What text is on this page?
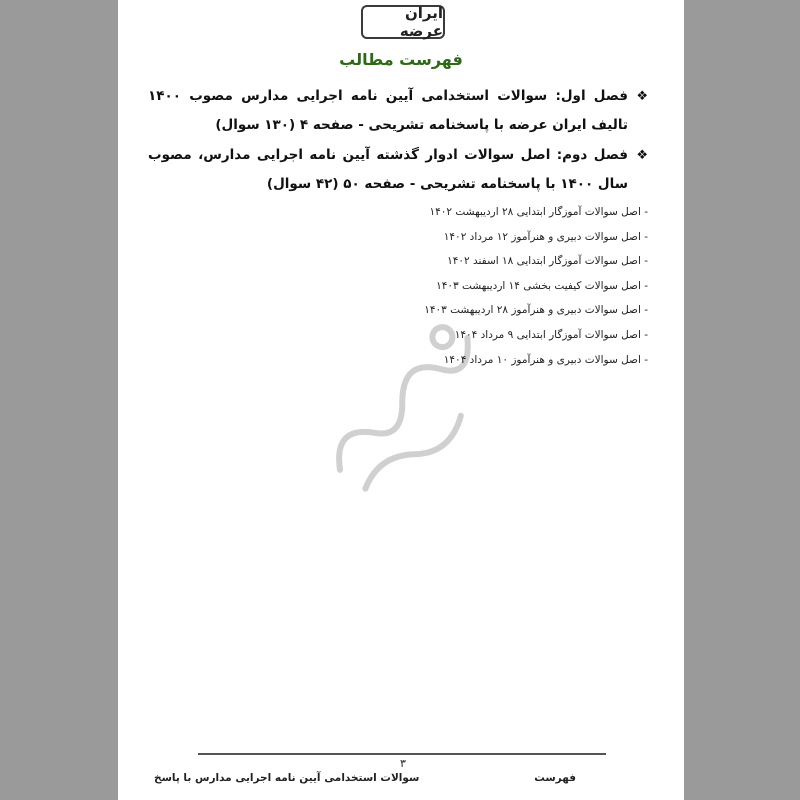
ایران عرضه
فهرست مطالب
❖
فصل اول: سوالات استخدامی آیین نامه اجرایی مدارس مصوب ۱۴۰۰ تالیف ایران عرضه با پاسخنامه تشریحی - صفحه ۴ (۱۳۰ سوال)
❖
فصل دوم: اصل سوالات ادوار گذشته آیین نامه اجرایی مدارس، مصوب سال ۱۴۰۰ با پاسخنامه تشریحی - صفحه ۵۰ (۴۲ سوال)
- اصل سوالات آموزگار ابتدایی ۲۸ اردیبهشت ۱۴۰۲
- اصل سوالات دبیری و هنرآموز ۱۲ مرداد ۱۴۰۲
- اصل سوالات آموزگار ابتدایی ۱۸ اسفند ۱۴۰۲
- اصل سوالات کیفیت بخشی ۱۴ اردیبهشت ۱۴۰۳
- اصل سوالات دبیری و هنرآموز ۲۸ اردیبهشت ۱۴۰۳
- اصل سوالات آموزگار ابتدایی ۹ مرداد ۱۴۰۴
- اصل سوالات دبیری و هنرآموز ۱۰ مرداد ۱۴۰۴
۳
فهرست
سوالات استخدامی آیین نامه اجرایی مدارس با پاسخ
